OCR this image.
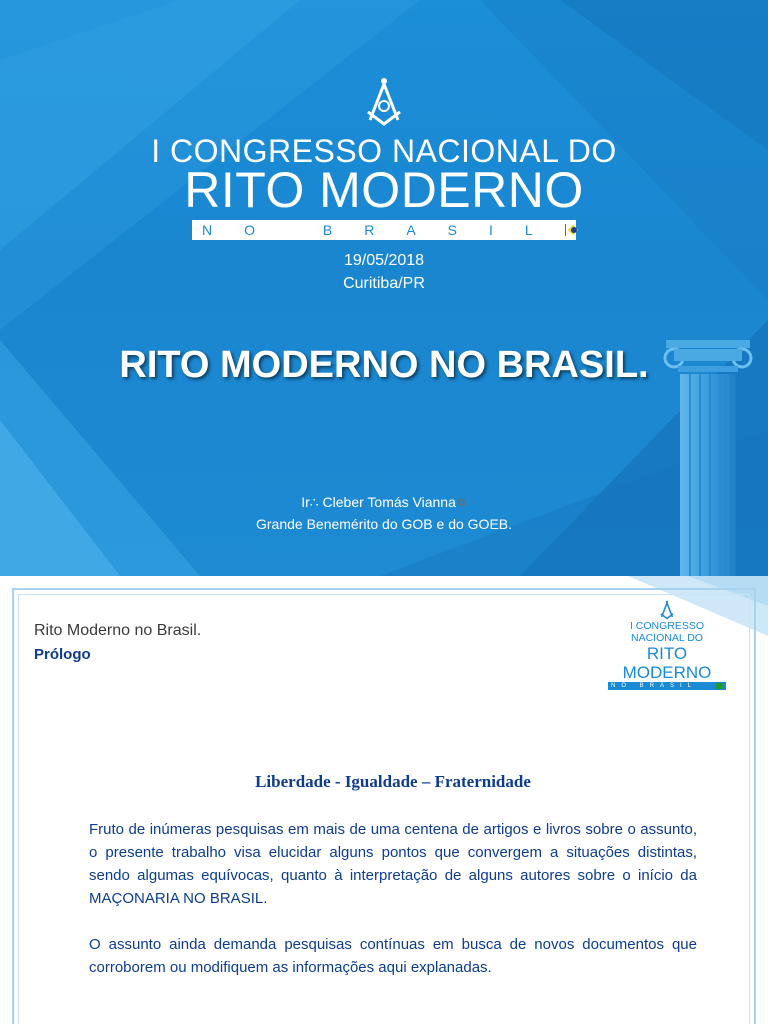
I CONGRESSO NACIONAL DO
RITO MODERNO
NO BRASIL
19/05/2018
Curitiba/PR
RITO MODERNO NO BRASIL.
Ir∴ Cleber Tomás Vianna✡
Grande Benemérito do GOB e do GOEB.
Rito Moderno no Brasil.
Prólogo
I CONGRESSO NACIONAL DO
RITO MODERNO
NO BRASIL
Liberdade - Igualdade – Fraternidade

Fruto de inúmeras pesquisas em mais de uma centena de artigos e livros sobre o assunto, o presente trabalho visa elucidar alguns pontos que convergem a situações distintas, sendo algumas equívocas, quanto à interpretação de alguns autores sobre o início da MAÇONARIA NO BRASIL.

O assunto ainda demanda pesquisas contínuas em busca de novos documentos que corroborem ou modifiquem as informações aqui explanadas.
